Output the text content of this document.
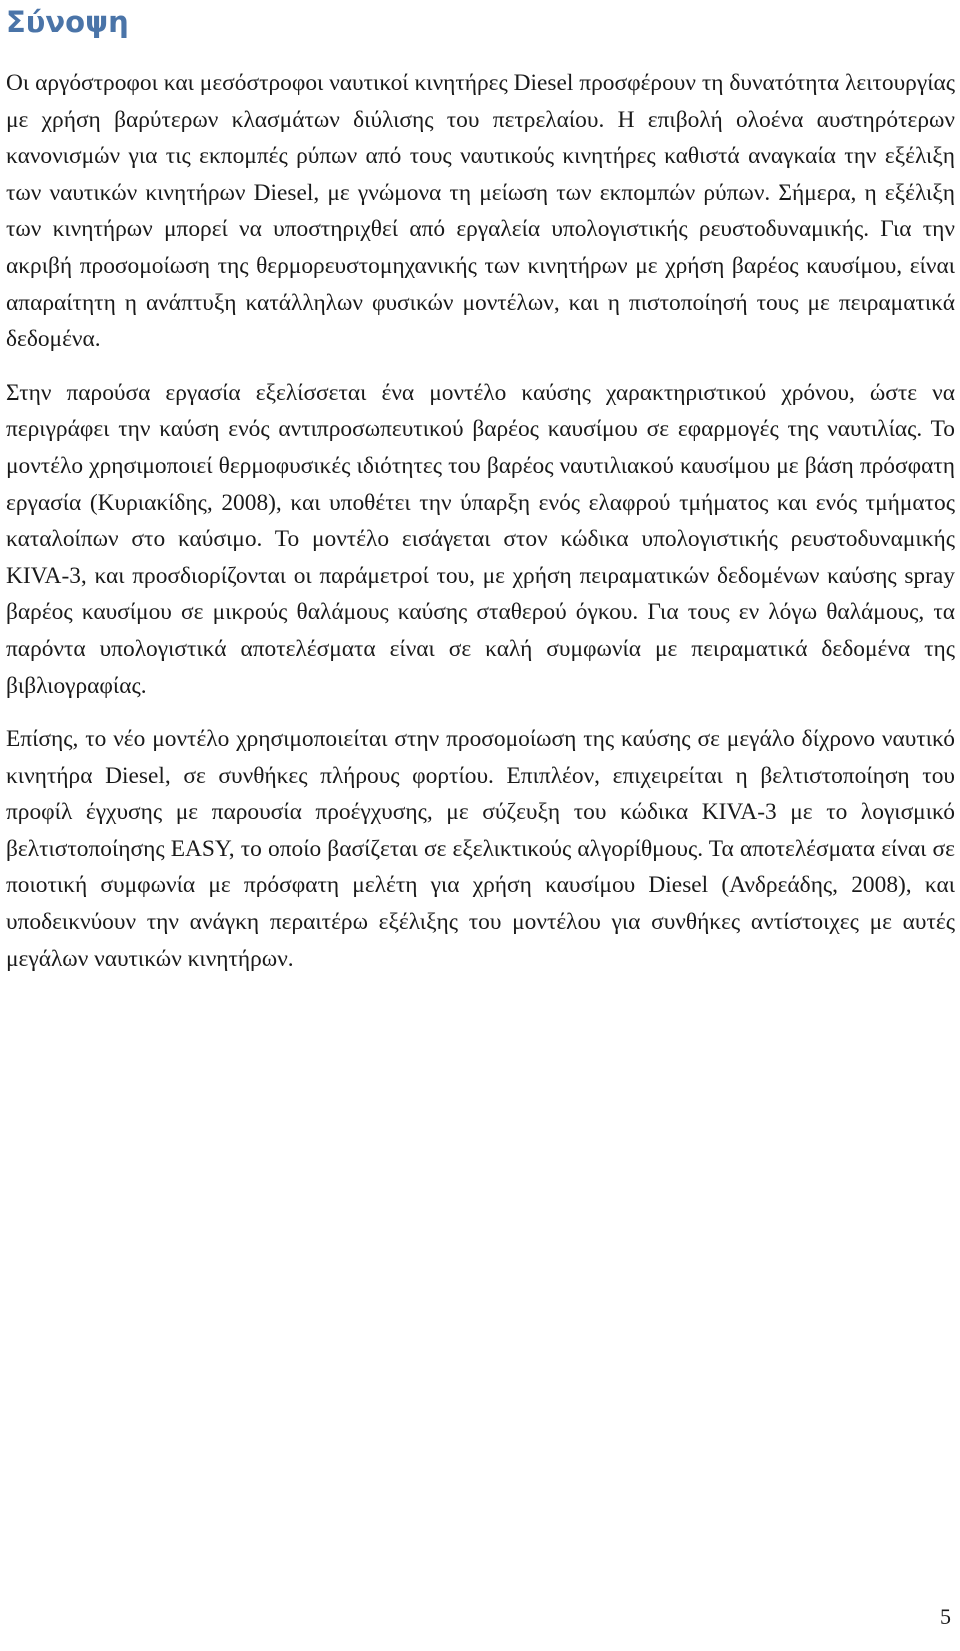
Σύνοψη

Οι αργόστροφοι και μεσόστροφοι ναυτικοί κινητήρες Diesel προσφέρουν τη δυνατότητα λειτουργίας με χρήση βαρύτερων κλασμάτων διύλισης του πετρελαίου. Η επιβολή ολοένα αυστηρότερων κανονισμών για τις εκπομπές ρύπων από τους ναυτικούς κινητήρες καθιστά αναγκαία την εξέλιξη των ναυτικών κινητήρων Diesel, με γνώμονα τη μείωση των εκπομπών ρύπων. Σήμερα, η εξέλιξη των κινητήρων μπορεί να υποστηριχθεί από εργαλεία υπολογιστικής ρευστοδυναμικής. Για την ακριβή προσομοίωση της θερμορευστομηχανικής των κινητήρων με χρήση βαρέος καυσίμου, είναι απαραίτητη η ανάπτυξη κατάλληλων φυσικών μοντέλων, και η πιστοποίησή τους με πειραματικά δεδομένα.

Στην παρούσα εργασία εξελίσσεται ένα μοντέλο καύσης χαρακτηριστικού χρόνου, ώστε να περιγράφει την καύση ενός αντιπροσωπευτικού βαρέος καυσίμου σε εφαρμογές της ναυτιλίας. Το μοντέλο χρησιμοποιεί θερμοφυσικές ιδιότητες του βαρέος ναυτιλιακού καυσίμου με βάση πρόσφατη εργασία (Κυριακίδης, 2008), και υποθέτει την ύπαρξη ενός ελαφρού τμήματος και ενός τμήματος καταλοίπων στο καύσιμο. Το μοντέλο εισάγεται στον κώδικα υπολογιστικής ρευστοδυναμικής KIVA-3, και προσδιορίζονται οι παράμετροί του, με χρήση πειραματικών δεδομένων καύσης spray βαρέος καυσίμου σε μικρούς θαλάμους καύσης σταθερού όγκου. Για τους εν λόγω θαλάμους, τα παρόντα υπολογιστικά αποτελέσματα είναι σε καλή συμφωνία με πειραματικά δεδομένα της βιβλιογραφίας.

Επίσης, το νέο μοντέλο χρησιμοποιείται στην προσομοίωση της καύσης σε μεγάλο δίχρονο ναυτικό κινητήρα Diesel, σε συνθήκες πλήρους φορτίου. Επιπλέον, επιχειρείται η βελτιστοποίηση του προφίλ έγχυσης με παρουσία προέγχυσης, με σύζευξη του κώδικα KIVA-3 με το λογισμικό βελτιστοποίησης EASY, το οποίο βασίζεται σε εξελικτικούς αλγορίθμους. Τα αποτελέσματα είναι σε ποιοτική συμφωνία με πρόσφατη μελέτη για χρήση καυσίμου Diesel (Ανδρεάδης, 2008), και υποδεικνύουν την ανάγκη περαιτέρω εξέλιξης του μοντέλου για συνθήκες αντίστοιχες με αυτές μεγάλων ναυτικών κινητήρων.

5
